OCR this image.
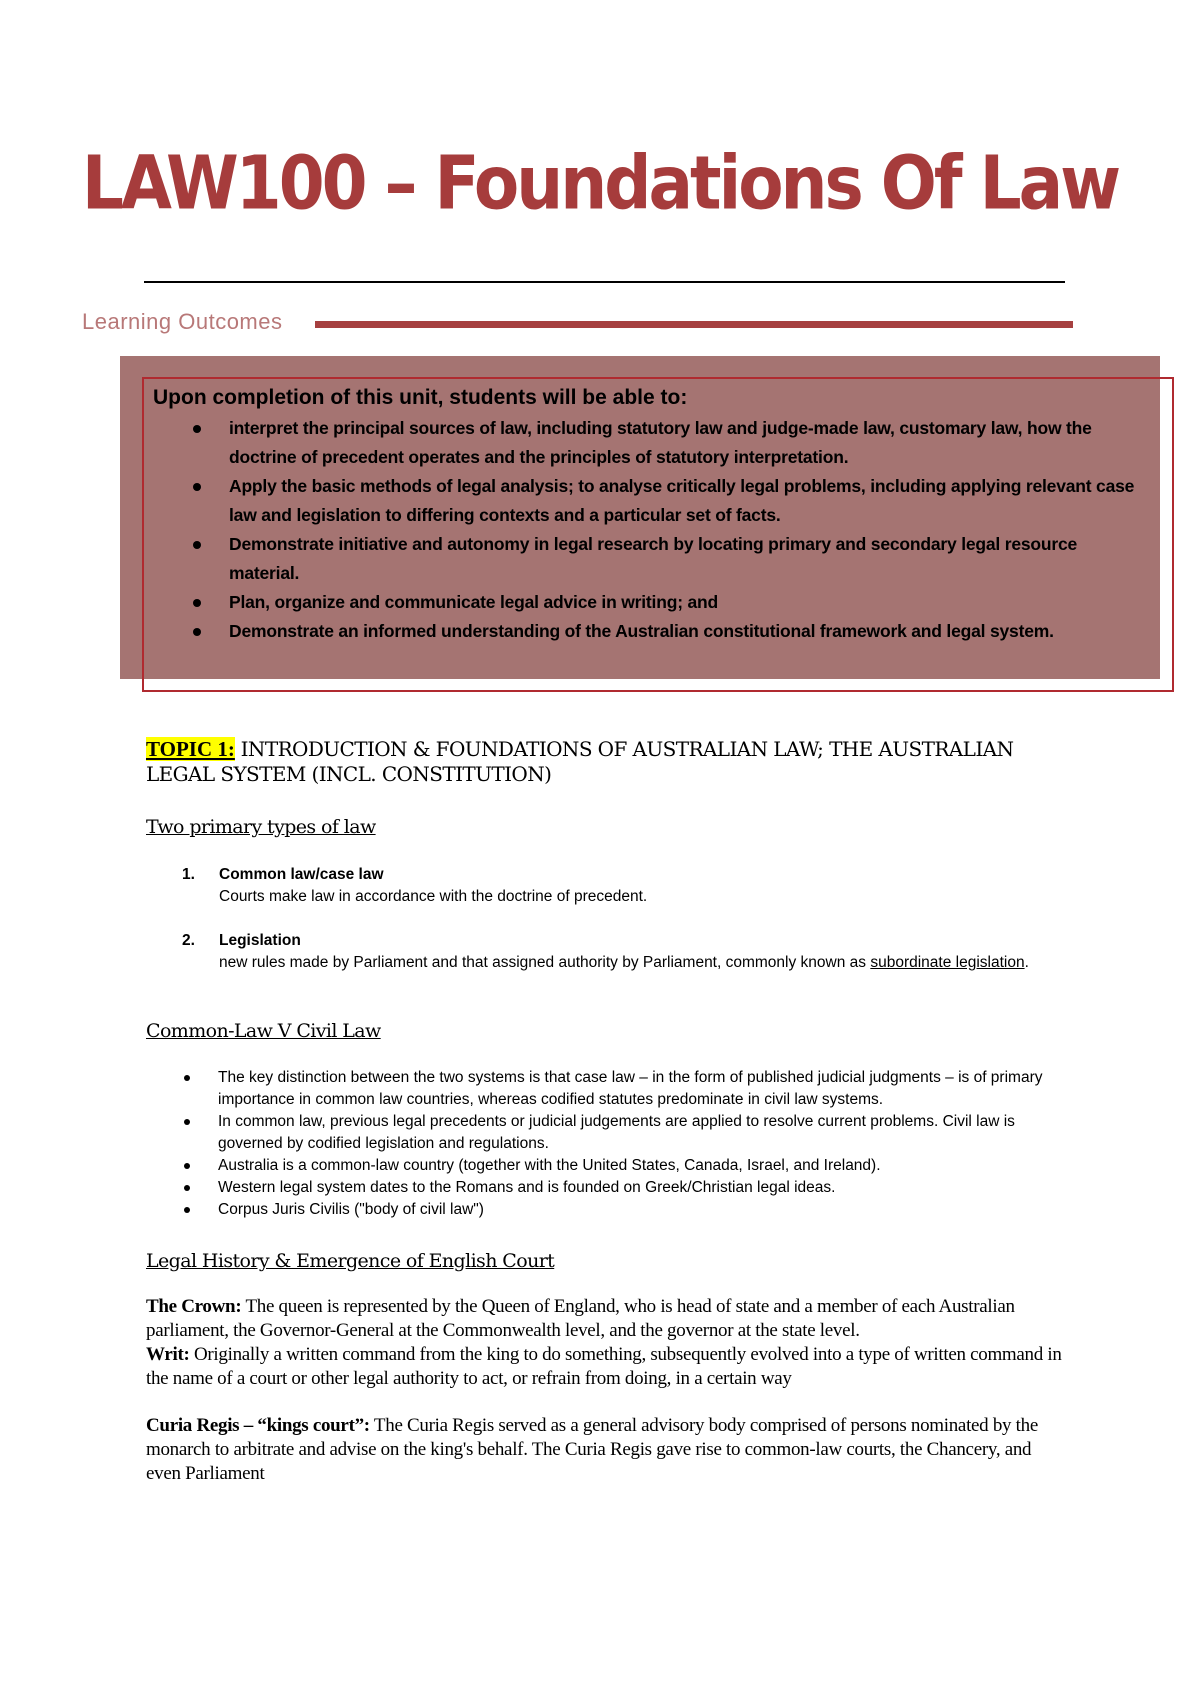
LAW100 – Foundations Of Law
Learning Outcomes
Upon completion of this unit, students will be able to:
interpret the principal sources of law, including statutory law and judge-made law, customary law, how the doctrine of precedent operates and the principles of statutory interpretation.
Apply the basic methods of legal analysis; to analyse critically legal problems, including applying relevant case law and legislation to differing contexts and a particular set of facts.
Demonstrate initiative and autonomy in legal research by locating primary and secondary legal resource material.
Plan, organize and communicate legal advice in writing; and
Demonstrate an informed understanding of the Australian constitutional framework and legal system.
TOPIC 1: INTRODUCTION & FOUNDATIONS OF AUSTRALIAN LAW; THE AUSTRALIAN LEGAL SYSTEM (INCL. CONSTITUTION)
Two primary types of law
1. Common law/case law
Courts make law in accordance with the doctrine of precedent.
2. Legislation
new rules made by Parliament and that assigned authority by Parliament, commonly known as subordinate legislation.
Common-Law V Civil Law
The key distinction between the two systems is that case law – in the form of published judicial judgments – is of primary importance in common law countries, whereas codified statutes predominate in civil law systems.
In common law, previous legal precedents or judicial judgements are applied to resolve current problems. Civil law is governed by codified legislation and regulations.
Australia is a common-law country (together with the United States, Canada, Israel, and Ireland).
Western legal system dates to the Romans and is founded on Greek/Christian legal ideas.
Corpus Juris Civilis ("body of civil law")
Legal History & Emergence of English Court
The Crown: The queen is represented by the Queen of England, who is head of state and a member of each Australian parliament, the Governor-General at the Commonwealth level, and the governor at the state level.
Writ: Originally a written command from the king to do something, subsequently evolved into a type of written command in the name of a court or other legal authority to act, or refrain from doing, in a certain way
Curia Regis – “kings court”: The Curia Regis served as a general advisory body comprised of persons nominated by the monarch to arbitrate and advise on the king's behalf. The Curia Regis gave rise to common-law courts, the Chancery, and even Parliament
